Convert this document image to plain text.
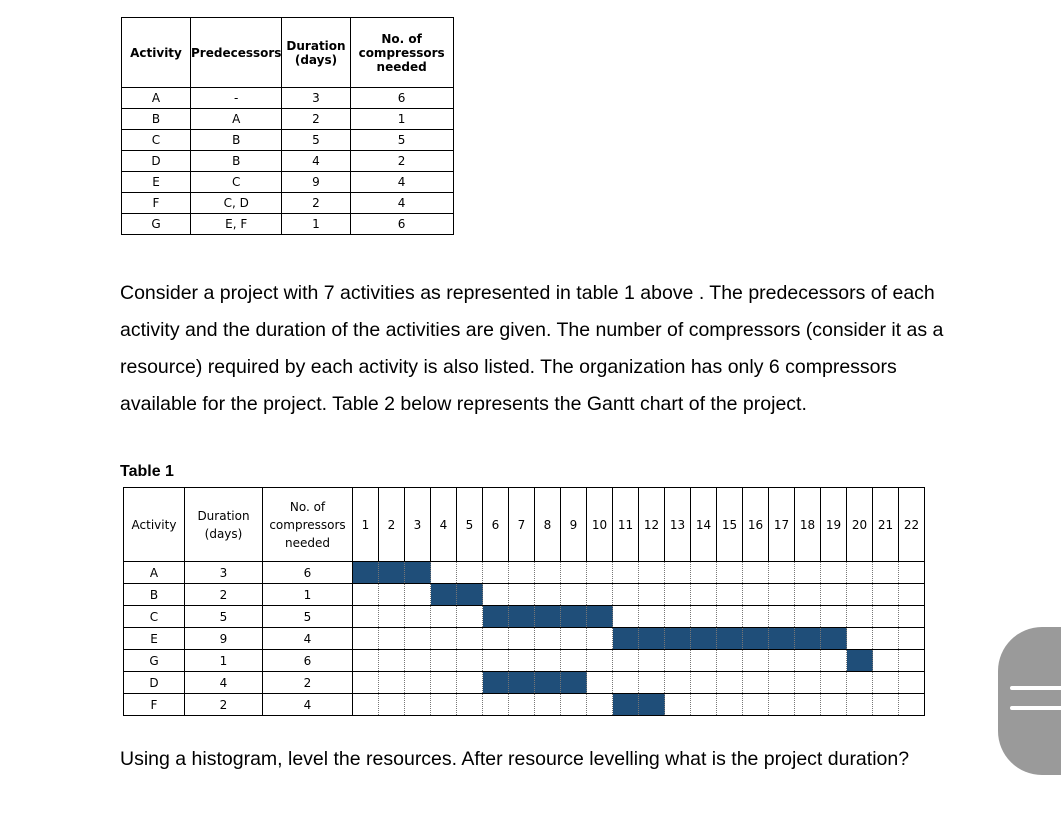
Activity	Predecessors	Duration (days)	No. of compressors needed
A	-	3	6
B	A	2	1
C	B	5	5
D	B	4	2
E	C	9	4
F	C, D	2	4
G	E, F	1	6

Consider a project with 7 activities as represented in table 1 above . The predecessors of each activity and the duration of the activities are given. The number of compressors (consider it as a resource) required by each activity is also listed. The organization has only 6 compressors available for the project. Table 2 below represents the Gantt chart of the project.

Table 1

Activity	Duration (days)	No. of compressors needed	1	2	3	4	5	6	7	8	9	10	11	12	13	14	15	16	17	18	19	20	21	22
A	3	6																						
B	2	1																						
C	5	5																						
E	9	4																						
G	1	6																						
D	4	2																						
F	2	4																						

Using a histogram, level the resources. After resource levelling what is the project duration?
